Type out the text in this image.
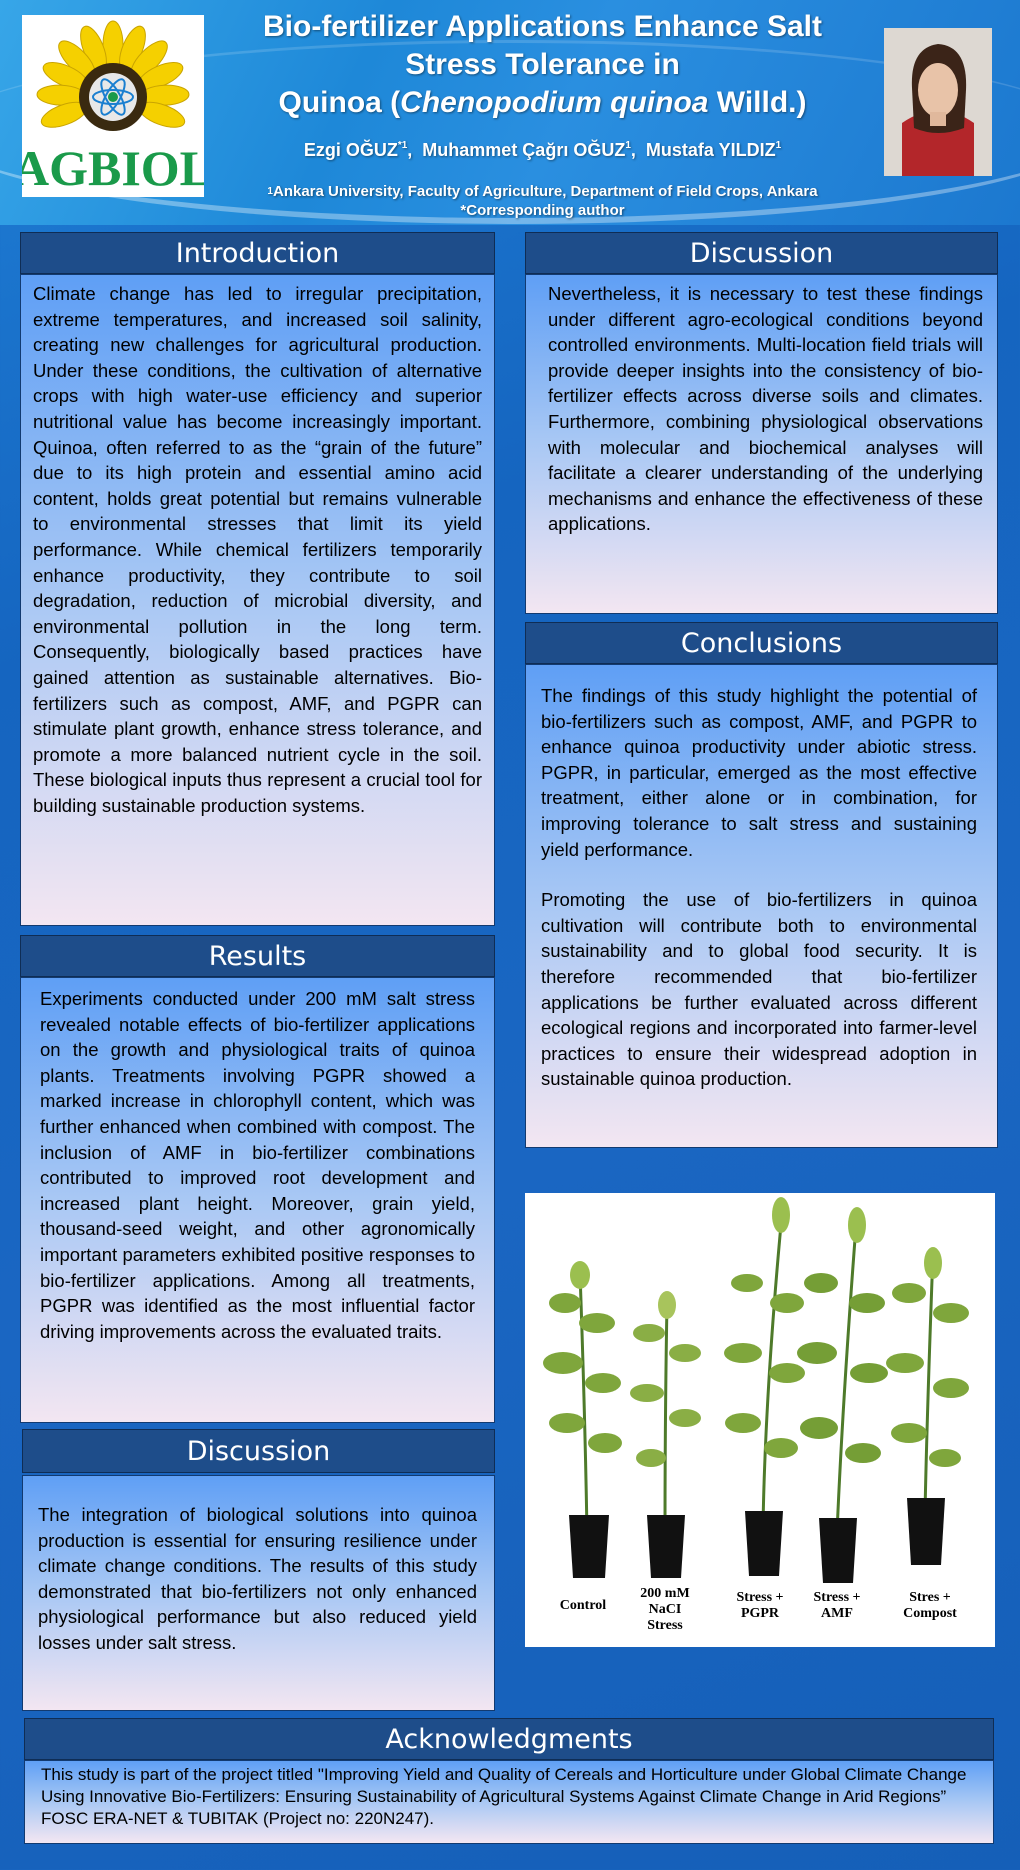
AGBIOL
Bio-fertilizer Applications Enhance Salt
Stress Tolerance in
Quinoa (Chenopodium quinoa Willd.)
Ezgi OĞUZ$^{*1}$,  Muhammet Çağrı OĞUZ$^1$,  Mustafa YILDIZ$^1$
$^1$Ankara University, Faculty of Agriculture, Department of Field Crops, Ankara
*Corresponding author
Introduction
Climate change has led to irregular precipitation, extreme temperatures, and increased soil salinity, creating new challenges for agricultural production. Under these conditions, the cultivation of alternative crops with high water-use efficiency and superior nutritional value has become increasingly important. Quinoa, often referred to as the “grain of the future” due to its high protein and essential amino acid content, holds great potential but remains vulnerable to environmental stresses that limit its yield performance. While chemical fertilizers temporarily enhance productivity, they contribute to soil degradation, reduction of microbial diversity, and environmental pollution in the long term. Consequently, biologically based practices have gained attention as sustainable alternatives. Bio-fertilizers such as compost, AMF, and PGPR can stimulate plant growth, enhance stress tolerance, and promote a more balanced nutrient cycle in the soil. These biological inputs thus represent a crucial tool for building sustainable production systems.
Results
Experiments conducted under 200 mM salt stress revealed notable effects of bio-fertilizer applications on the growth and physiological traits of quinoa plants. Treatments involving PGPR showed a marked increase in chlorophyll content, which was further enhanced when combined with compost. The inclusion of AMF in bio-fertilizer combinations contributed to improved root development and increased plant height. Moreover, grain yield, thousand-seed weight, and other agronomically important parameters exhibited positive responses to bio-fertilizer applications. Among all treatments, PGPR was identified as the most influential factor driving improvements across the evaluated traits.
Discussion
The integration of biological solutions into quinoa production is essential for ensuring resilience under climate change conditions. The results of this study demonstrated that bio-fertilizers not only enhanced physiological performance but also reduced yield losses under salt stress.
Discussion
Nevertheless, it is necessary to test these findings under different agro-ecological conditions beyond controlled environments. Multi-location field trials will provide deeper insights into the consistency of bio-fertilizer effects across diverse soils and climates. Furthermore, combining physiological observations with molecular and biochemical analyses will facilitate a clearer understanding of the underlying mechanisms and enhance the effectiveness of these applications.
Conclusions
The findings of this study highlight the potential of bio-fertilizers such as compost, AMF, and PGPR to enhance quinoa productivity under abiotic stress. PGPR, in particular, emerged as the most effective treatment, either alone or in combination, for improving tolerance to salt stress and sustaining yield performance.
Promoting the use of bio-fertilizers in quinoa cultivation will contribute both to environmental sustainability and to global food security. It is therefore recommended that bio-fertilizer applications be further evaluated across different ecological regions and incorporated into farmer-level practices to ensure their widespread adoption in sustainable quinoa production.
Control
200 mM
NaCI
Stress
Stress +
PGPR
Stress +
AMF
Stres +
Compost
Acknowledgments
This study is part of the project titled "Improving Yield and Quality of Cereals and Horticulture under Global Climate Change Using Innovative Bio-Fertilizers: Ensuring Sustainability of Agricultural Systems Against Climate Change in Arid Regions” FOSC ERA-NET & TUBITAK (Project no: 220N247).
